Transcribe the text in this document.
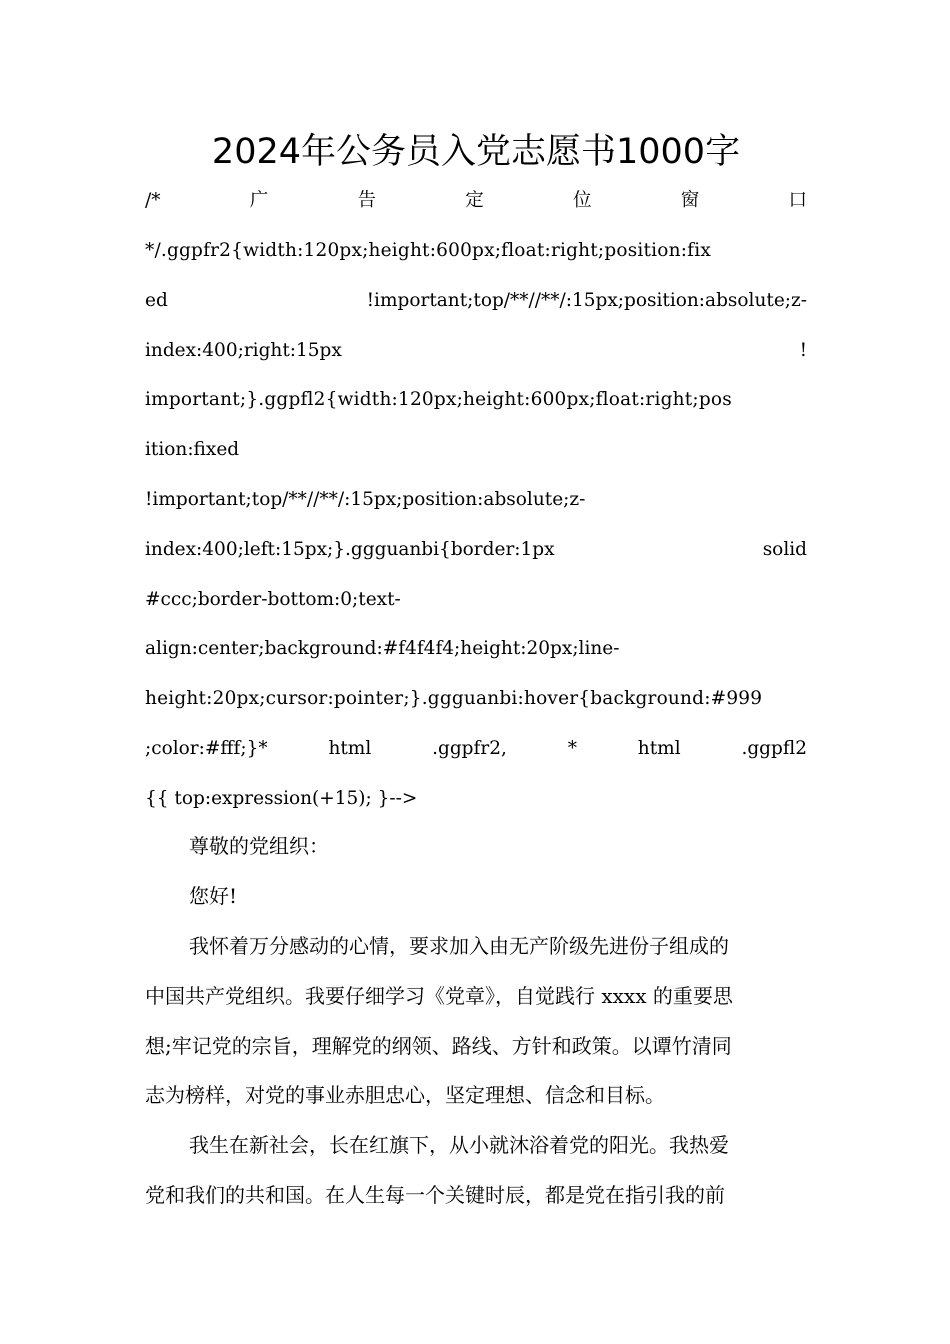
2024年公务员入党志愿书1000字
/*	广	告	定	位	窗	口
*/.ggpfr2{width:120px;height:600px;float:right;position:fix
ed	!important;top/**//**/:15px;position:absolute;z-
index:400;right:15px	!
important;}.ggpfl2{width:120px;height:600px;float:right;pos
ition:fixed
!important;top/**//**/:15px;position:absolute;z-
index:400;left:15px;}.ggguanbi{border:1px	solid
#ccc;border-bottom:0;text-
align:center;background:#f4f4f4;height:20px;line-
height:20px;cursor:pointer;}.ggguanbi:hover{background:#999
;color:#fff;}*	html	.ggpfr2,	*	html	.ggpfl2
{{ top:expression(+15); }-->
尊敬的党组织：
您好!
我怀着万分感动的心情，要求加入由无产阶级先进份子组成的
中国共产党组织。我要仔细学习《党章》，自觉践行 xxxx 的重要思
想;牢记党的宗旨，理解党的纲领、路线、方针和政策。以谭竹清同
志为榜样，对党的事业赤胆忠心，坚定理想、信念和目标。
我生在新社会，长在红旗下，从小就沐浴着党的阳光。我热爱
党和我们的共和国。在人生每一个关键时辰，都是党在指引我的前
